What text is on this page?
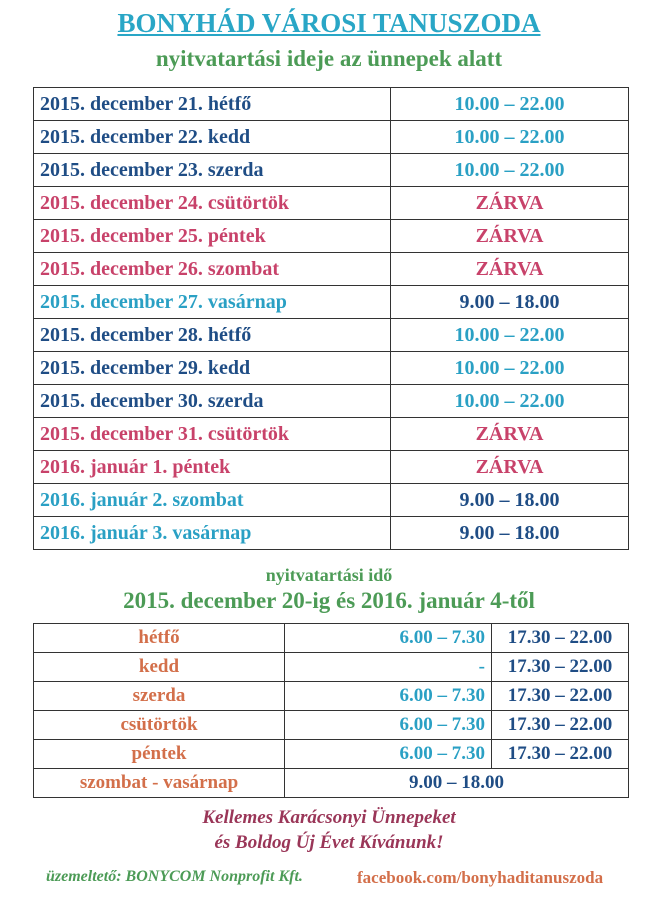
BONYHÁD VÁROSI TANUSZODA
nyitvatartási ideje az ünnepek alatt
2015. december 21. hétfő	10.00 – 22.00
2015. december 22. kedd	10.00 – 22.00
2015. december 23. szerda	10.00 – 22.00
2015. december 24. csütörtök	ZÁRVA
2015. december 25. péntek	ZÁRVA
2015. december 26. szombat	ZÁRVA
2015. december 27. vasárnap	9.00 – 18.00
2015. december 28. hétfő	10.00 – 22.00
2015. december 29. kedd	10.00 – 22.00
2015. december 30. szerda	10.00 – 22.00
2015. december 31. csütörtök	ZÁRVA
2016. január 1. péntek	ZÁRVA
2016. január 2. szombat	9.00 – 18.00
2016. január 3. vasárnap	9.00 – 18.00
nyitvatartási idő
2015. december 20-ig és 2016. január 4-től
hétfő	6.00 – 7.30	17.30 – 22.00
kedd	-	17.30 – 22.00
szerda	6.00 – 7.30	17.30 – 22.00
csütörtök	6.00 – 7.30	17.30 – 22.00
péntek	6.00 – 7.30	17.30 – 22.00
szombat - vasárnap	9.00 – 18.00	
Kellemes Karácsonyi Ünnepeket
és Boldog Új Évet Kívánunk!
üzemeltető: BONYCOM Nonprofit Kft.	facebook.com/bonyhaditanuszoda
